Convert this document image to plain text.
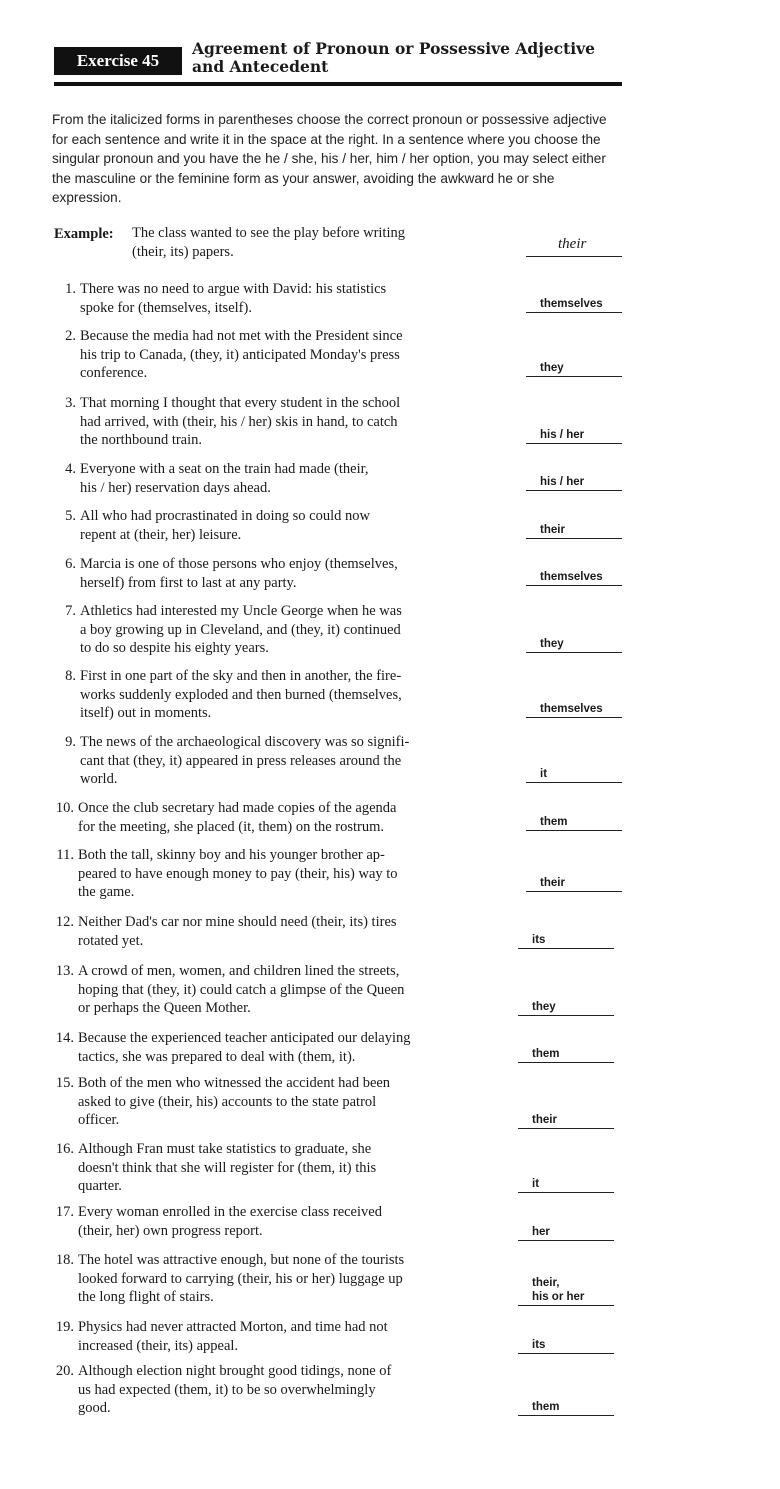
Exercise 45
Agreement of Pronoun or Possessive Adjective
and Antecedent
From the italicized forms in parentheses choose the correct pronoun or possessive adjective for each sentence and write it in the space at the right. In a sentence where you choose the singular pronoun and you have the he / she, his / her, him / her option, you may select either the masculine or the feminine form as your answer, avoiding the awkward he or she expression.
Example: The class wanted to see the play before writing
(their, its) papers.	their
1. There was no need to argue with David: his statistics
spoke for (themselves, itself).	themselves
2. Because the media had not met with the President since
his trip to Canada, (they, it) anticipated Monday's press
conference.	they
3. That morning I thought that every student in the school
had arrived, with (their, his / her) skis in hand, to catch
the northbound train.	his / her
4. Everyone with a seat on the train had made (their,
his / her) reservation days ahead.	his / her
5. All who had procrastinated in doing so could now
repent at (their, her) leisure.	their
6. Marcia is one of those persons who enjoy (themselves,
herself) from first to last at any party.	themselves
7. Athletics had interested my Uncle George when he was
a boy growing up in Cleveland, and (they, it) continued
to do so despite his eighty years.	they
8. First in one part of the sky and then in another, the fire-
works suddenly exploded and then burned (themselves,
itself) out in moments.	themselves
9. The news of the archaeological discovery was so signifi-
cant that (they, it) appeared in press releases around the
world.	it
10. Once the club secretary had made copies of the agenda
for the meeting, she placed (it, them) on the rostrum.	them
11. Both the tall, skinny boy and his younger brother ap-
peared to have enough money to pay (their, his) way to
the game.
their
12. Neither Dad's car nor mine should need (their, its) tires
rotated yet.	its
13. A crowd of men, women, and children lined the streets,
hoping that (they, it) could catch a glimpse of the Queen
or perhaps the Queen Mother.	they
14. Because the experienced teacher anticipated our delaying
tactics, she was prepared to deal with (them, it).	them
15. Both of the men who witnessed the accident had been
asked to give (their, his) accounts to the state patrol
officer.	their
16. Although Fran must take statistics to graduate, she
doesn't think that she will register for (them, it) this
quarter.	it
17. Every woman enrolled in the exercise class received
(their, her) own progress report.	her
18. The hotel was attractive enough, but none of the tourists
looked forward to carrying (their, his or her) luggage up
the long flight of stairs.
their,
his or her
19. Physics had never attracted Morton, and time had not
increased (their, its) appeal.	its
20. Although election night brought good tidings, none of
us had expected (them, it) to be so overwhelmingly
good.	them
